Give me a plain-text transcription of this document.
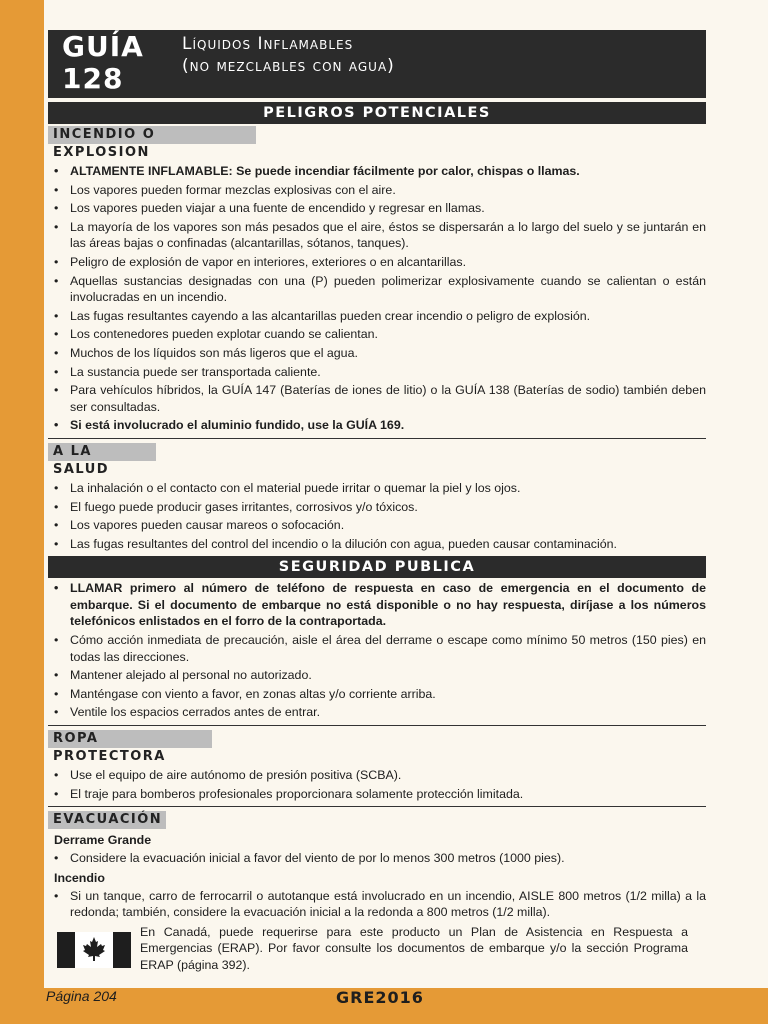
GUÍA
128
Líquidos Inflamables
(no mezclables con agua)
PELIGROS POTENCIALES
INCENDIO O EXPLOSION
• ALTAMENTE INFLAMABLE: Se puede incendiar fácilmente por calor, chispas o llamas.
• Los vapores pueden formar mezclas explosivas con el aire.
• Los vapores pueden viajar a una fuente de encendido y regresar en llamas.
• La mayoría de los vapores son más pesados que el aire, éstos se dispersarán a lo largo del suelo y se juntarán en las áreas bajas o confinadas (alcantarillas, sótanos, tanques).
• Peligro de explosión de vapor en interiores, exteriores o en alcantarillas.
• Aquellas sustancias designadas con una (P) pueden polimerizar explosivamente cuando se calientan o están involucradas en un incendio.
• Las fugas resultantes cayendo a las alcantarillas pueden crear incendio o peligro de explosión.
• Los contenedores pueden explotar cuando se calientan.
• Muchos de los líquidos son más ligeros que el agua.
• La sustancia puede ser transportada caliente.
• Para vehículos híbridos, la GUÍA 147 (Baterías de iones de litio) o la GUÍA 138 (Baterías de sodio) también deben ser consultadas.
• Si está involucrado el aluminio fundido, use la GUÍA 169.
A LA SALUD
• La inhalación o el contacto con el material puede irritar o quemar la piel y los ojos.
• El fuego puede producir gases irritantes, corrosivos y/o tóxicos.
• Los vapores pueden causar mareos o sofocación.
• Las fugas resultantes del control del incendio o la dilución con agua, pueden causar contaminación.
SEGURIDAD PUBLICA
• LLAMAR primero al número de teléfono de respuesta en caso de emergencia en el documento de embarque. Si el documento de embarque no está disponible o no hay respuesta, diríjase a los números telefónicos enlistados en el forro de la contraportada.
• Cómo acción inmediata de precaución, aisle el área del derrame o escape como mínimo 50 metros (150 pies) en todas las direcciones.
• Mantener alejado al personal no autorizado.
• Manténgase con viento a favor, en zonas altas y/o corriente arriba.
• Ventile los espacios cerrados antes de entrar.
ROPA PROTECTORA
• Use el equipo de aire autónomo de presión positiva (SCBA).
• El traje para bomberos profesionales proporcionara solamente protección limitada.
EVACUACIÓN
Derrame Grande
• Considere la evacuación inicial a favor del viento de por lo menos 300 metros (1000 pies).
Incendio
• Si un tanque, carro de ferrocarril o autotanque está involucrado en un incendio, AISLE 800 metros (1/2 milla) a la redonda; también, considere la evacuación inicial a la redonda a 800 metros (1/2 milla).
En Canadá, puede requerirse para este producto un Plan de Asistencia en Respuesta a Emergencias (ERAP). Por favor consulte los documentos de embarque y/o la sección Programa ERAP (página 392).
Página 204	GRE2016
